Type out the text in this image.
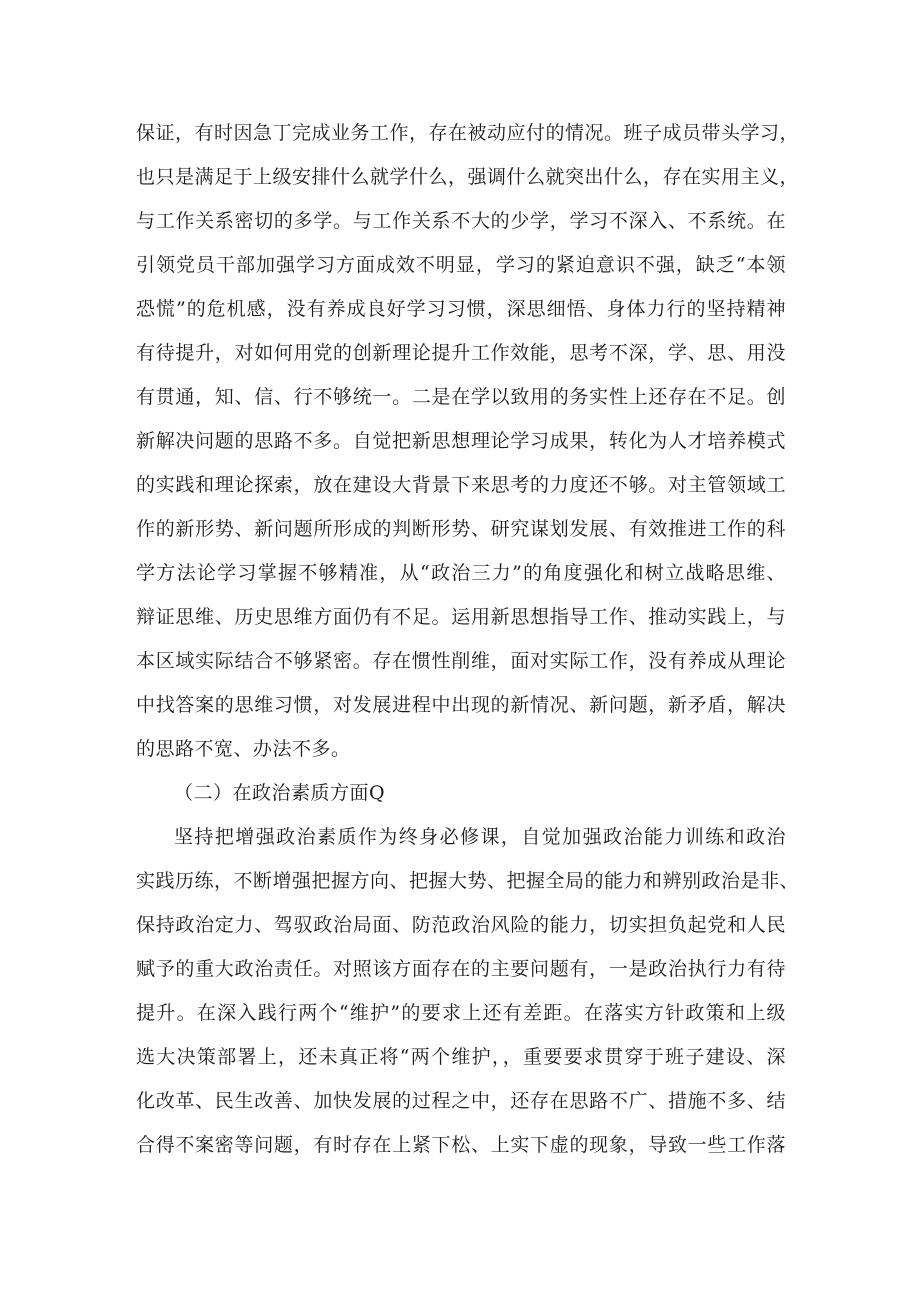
保证，有时因急丁完成业务工作，存在被动应付的情况。班子成员带头学习，
也只是满足于上级安排什么就学什么，强调什么就突出什么，存在实用主义，
与工作关系密切的多学。与工作关系不大的少学，学习不深入、不系统。在
引领党员干部加强学习方面成效不明显，学习的紧迫意识不强，缺乏“本领
恐慌”的危机感，没有养成良好学习习惯，深思细悟、身体力行的坚持精神
有待提升，对如何用党的创新理论提升工作效能，思考不深，学、思、用没
有贯通，知、信、行不够统一。二是在学以致用的务实性上还存在不足。创
新解决问题的思路不多。自觉把新思想理论学习成果，转化为人才培养模式
的实践和理论探索，放在建设大背景下来思考的力度还不够。对主管领域工
作的新形势、新问题所形成的判断形势、研究谋划发展、有效推进工作的科
学方法论学习掌握不够精准，从“政治三力”的角度强化和树立战略思维、
辩证思维、历史思维方面仍有不足。运用新思想指导工作、推动实践上，与
本区域实际结合不够紧密。存在惯性削维，面对实际工作，没有养成从理论
中找答案的思维习惯，对发展进程中出现的新情况、新问题，新矛盾，解决
的思路不宽、办法不多。
（二）在政治素质方面Q
坚持把增强政治素质作为终身必修课，自觉加强政治能力训练和政治
实践历练，不断增强把握方向、把握大势、把握全局的能力和辨别政治是非、
保持政治定力、驾驭政治局面、防范政治风险的能力，切实担负起党和人民
赋予的重大政治责任。对照该方面存在的主要问题有，一是政治执行力有待
提升。在深入践行两个“维护”的要求上还有差距。在落实方针政策和上级
选大决策部署上，还未真正将“两个维护，，重要要求贯穿于班子建设、深
化改革、民生改善、加快发展的过程之中，还存在思路不广、措施不多、结
合得不案密等问题，有时存在上紧下松、上实下虚的现象，导致一些工作落
